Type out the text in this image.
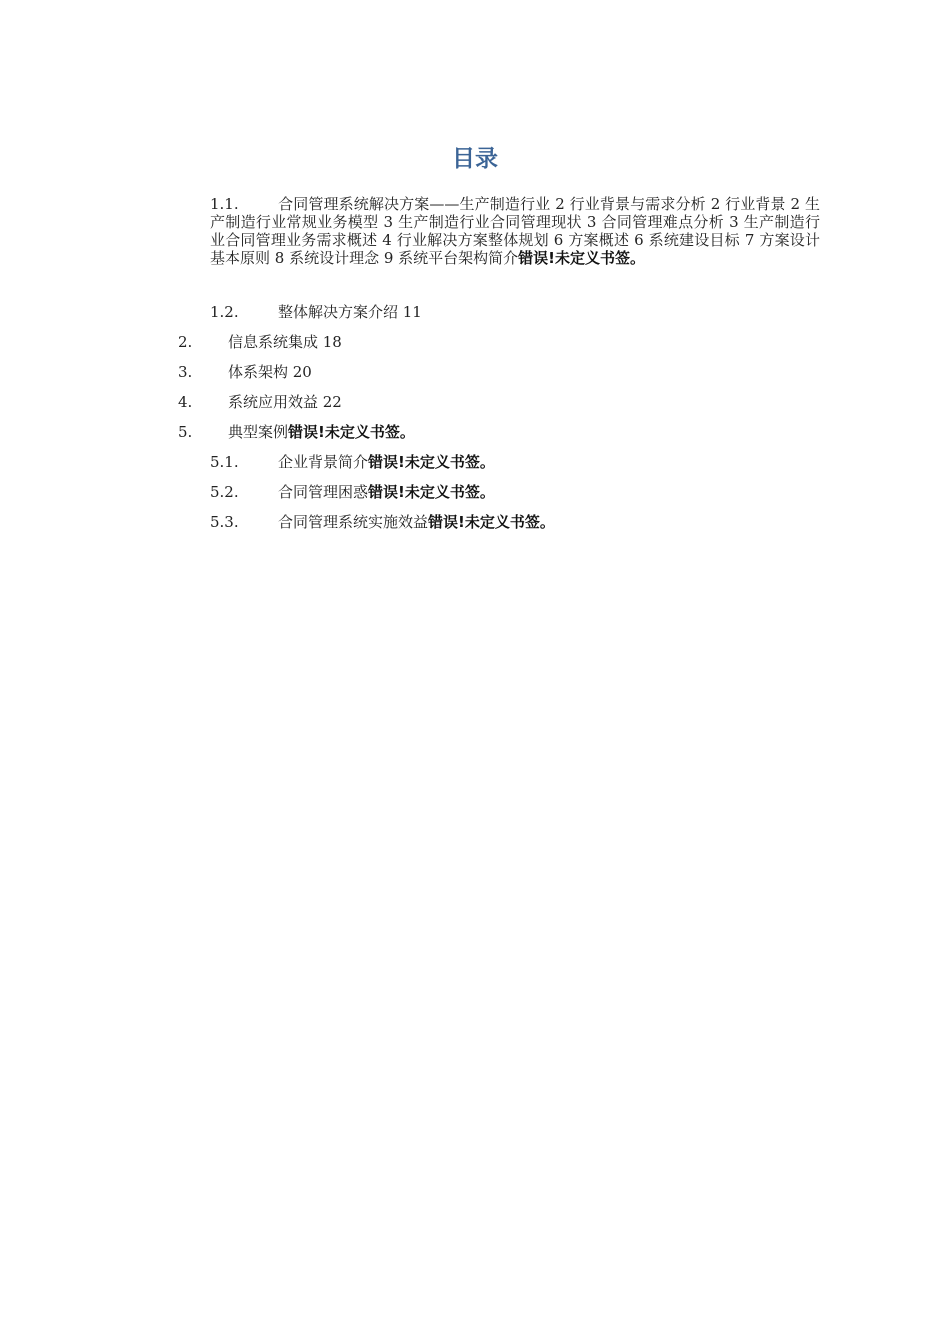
目录
1.1.	合同管理系统解决方案——生产制造行业 2 行业背景与需求分析 2 行业背景 2 生产制造行业常规业务模型 3 生产制造行业合同管理现状 3 合同管理难点分析 3 生产制造行业合同管理业务需求概述 4 行业解决方案整体规划 6 方案概述 6 系统建设目标 7 方案设计基本原则 8 系统设计理念 9 系统平台架构简介错误!未定义书签。
1.2.	整体解决方案介绍 11
2. 信息系统集成 18
3. 体系架构 20
4. 系统应用效益 22
5. 典型案例错误!未定义书签。
5.1.	企业背景简介错误!未定义书签。
5.2.	合同管理困惑错误!未定义书签。
5.3.	合同管理系统实施效益错误!未定义书签。
